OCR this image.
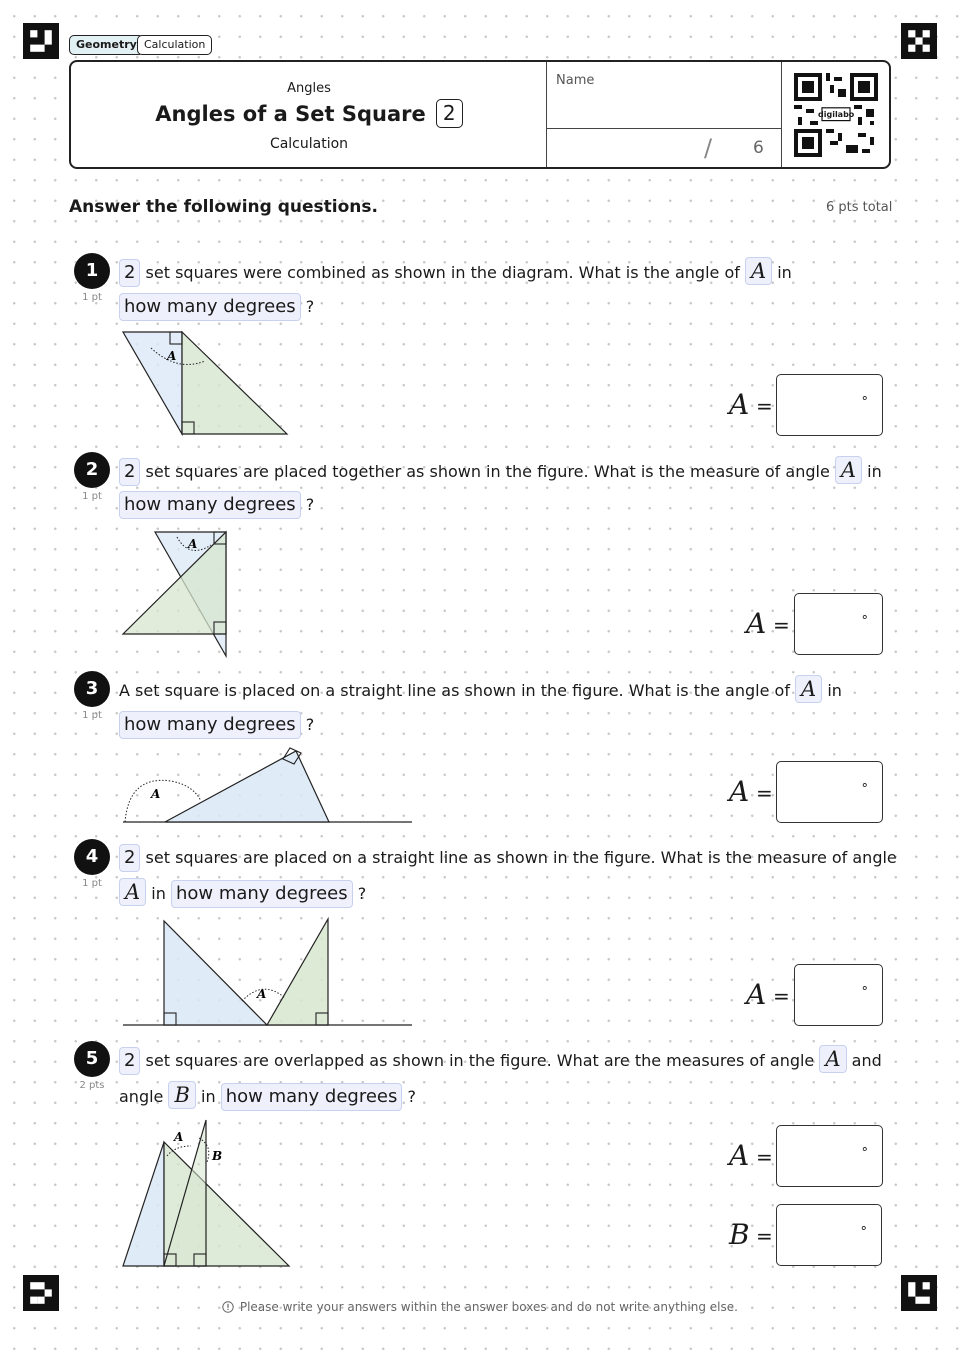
Geometry Calculation
Angles
Angles of a Set Square 2
Calculation
Name
/ 6
digilabo
Answer the following questions.	6 pts total
1
1 pt
2 set squares were combined as shown in the diagram. What is the angle of A in
how many degrees ?
A
A =	°
2
1 pt
2 set squares are placed together as shown in the figure. What is the measure of angle A in
how many degrees ?
A
A =	°
3
1 pt
A set square is placed on a straight line as shown in the figure. What is the angle of A in
how many degrees ?
A	A =	°
4
1 pt
2 set squares are placed on a straight line as shown in the figure. What is the measure of angle
A in how many degrees ?
A	A =	°
5
2 pts
2 set squares are overlapped as shown in the figure. What are the measures of angle A and
angle B in how many degrees ?
A
B	A =	°
B =	°
Please write your answers within the answer boxes and do not write anything else.
